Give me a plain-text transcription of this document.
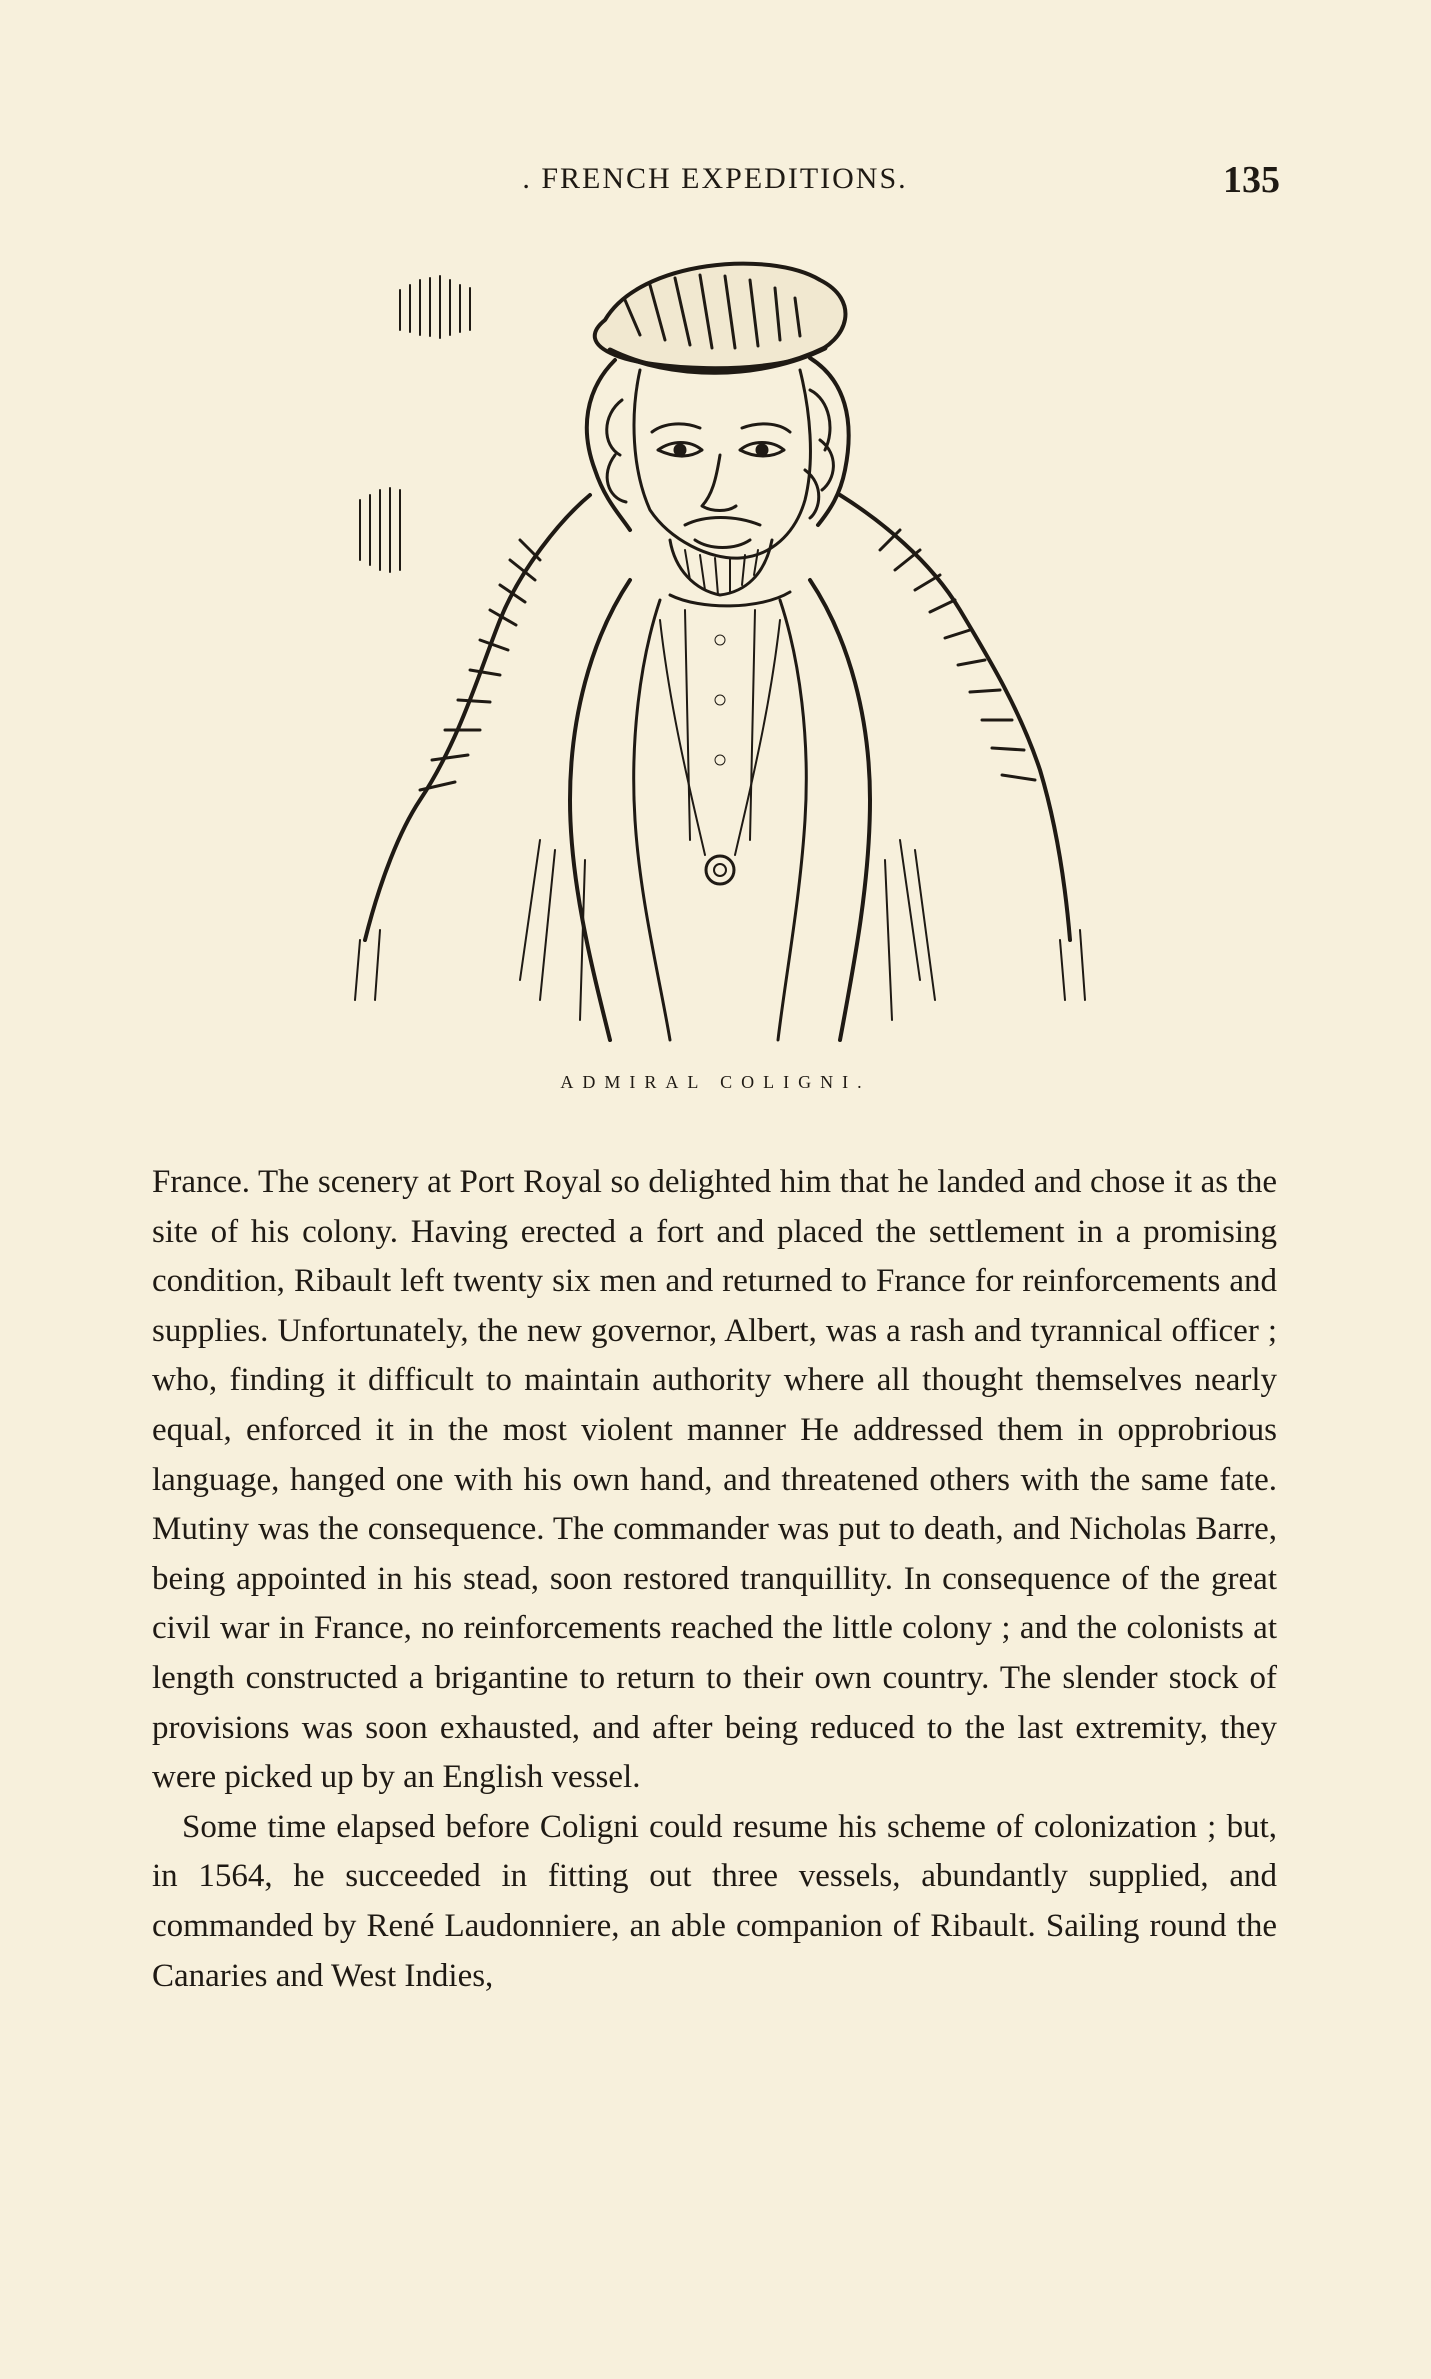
. FRENCH EXPEDITIONS.	135
ADMIRAL COLIGNI.

France. The scenery at Port Royal so delighted him that he landed and chose it as the site of his colony. Having erected a fort and placed the settlement in a promising condition, Ribault left twenty six men and returned to France for reinforcements and supplies. Unfortunately, the new governor, Albert, was a rash and tyrannical officer ; who, finding it difficult to maintain authority where all thought themselves nearly equal, enforced it in the most violent manner He addressed them in opprobrious language, hanged one with his own hand, and threatened others with the same fate. Mutiny was the consequence. The commander was put to death, and Nicholas Barre, being appointed in his stead, soon restored tranquillity. In consequence of the great civil war in France, no reinforcements reached the little colony ; and the colonists at length constructed a brigantine to return to their own country. The slender stock of provisions was soon exhausted, and after being reduced to the last extremity, they were picked up by an English vessel.

Some time elapsed before Coligni could resume his scheme of colonization ; but, in 1564, he succeeded in fitting out three vessels, abundantly supplied, and commanded by René Laudonniere, an able companion of Ribault. Sailing round the Canaries and West Indies,
